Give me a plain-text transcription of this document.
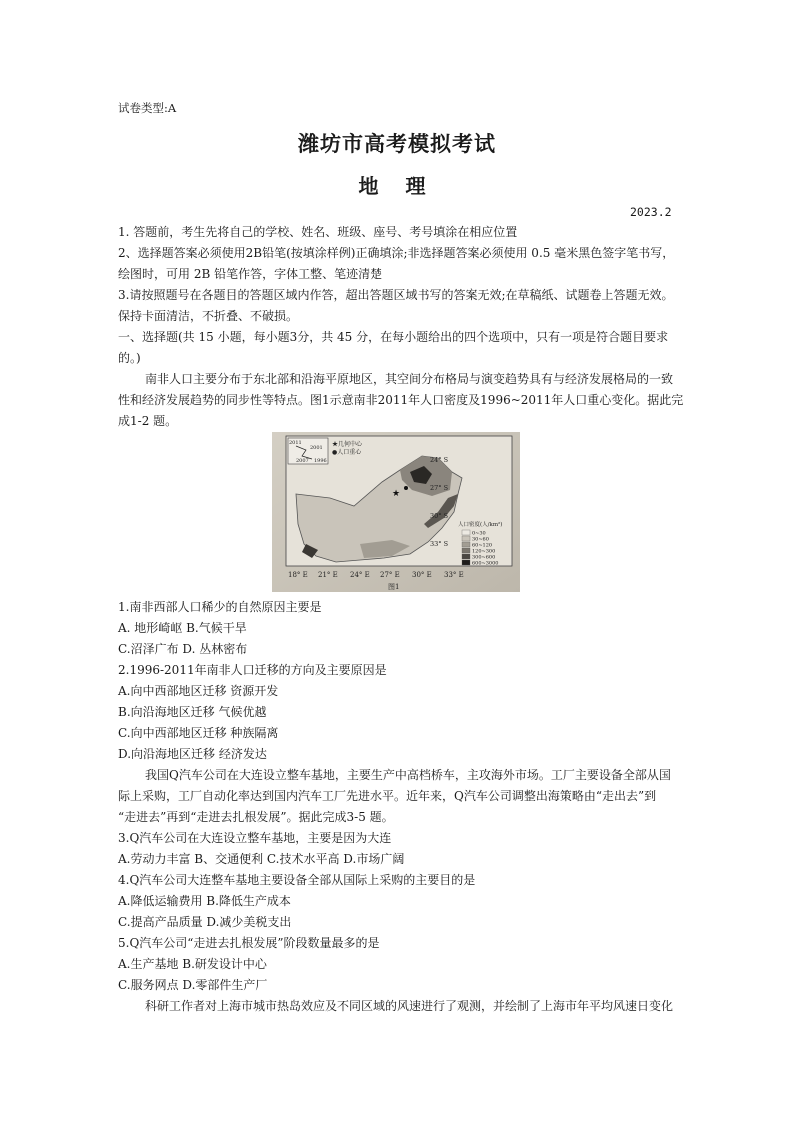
试卷类型:A
潍坊市高考模拟考试
地 理
2023.2
1. 答题前，考生先将自己的学校、姓名、班级、座号、考号填涂在相应位置
2、选择题答案必须使用2B铅笔(按填涂样例)正确填涂;非选择题答案必须使用 0.5 毫米黑色签字笔书写，
绘图时，可用 2B 铅笔作答，字体工整、笔迹清楚
3.请按照题号在各题目的答题区域内作答，超出答题区域书写的答案无效;在草稿纸、试题卷上答题无效。
保持卡面清洁，不折叠、不破损。
一、选择题(共 15 小题，每小题3分，共 45 分，在每小题给出的四个选项中，只有一项是符合题目要求
的。)
南非人口主要分布于东北部和沿海平原地区，其空间分布格局与演变趋势具有与经济发展格局的一致
性和经济发展趋势的同步性等特点。图1示意南非2011年人口密度及1996~2011年人口重心变化。据此完
成1-2 题。
★
2011
2001
2007 1996
★几何中心
●人口重心
24° S
27° S
30° S
33° S
人口密度(人/km²)
0~30
30~60
60~120
120~300
300~600
600~3000
18° E 21° E 24° E 27° E 30° E 33° E
图1
1.南非西部人口稀少的自然原因主要是
A. 地形崎岖 B.气候干旱
C.沼泽广布 D. 丛林密布
2.1996-2011年南非人口迁移的方向及主要原因是
A.向中西部地区迁移 资源开发
B.向沿海地区迁移 气候优越
C.向中西部地区迁移 种族隔离
D.向沿海地区迁移 经济发达
我国Q汽车公司在大连设立整车基地，主要生产中高档桥车，主攻海外市场。工厂主要设备全部从国
际上采购，工厂自动化率达到国内汽车工厂先进水平。近年来，Q汽车公司调整出海策略由“走出去”到
“走进去”再到“走进去扎根发展”。据此完成3-5 题。
3.Q汽车公司在大连设立整车基地，主要是因为大连
A.劳动力丰富 B、交通便利 C.技术水平高 D.市场广阔
4.Q汽车公司大连整车基地主要设备全部从国际上采购的主要目的是
A.降低运输费用 B.降低生产成本
C.提高产品质量 D.减少美税支出
5.Q汽车公司“走进去扎根发展”阶段数量最多的是
A.生产基地 B.研发设计中心
C.服务网点 D.零部件生产厂
科研工作者对上海市城市热岛效应及不同区域的风速进行了观测，并绘制了上海市年平均风速日变化
